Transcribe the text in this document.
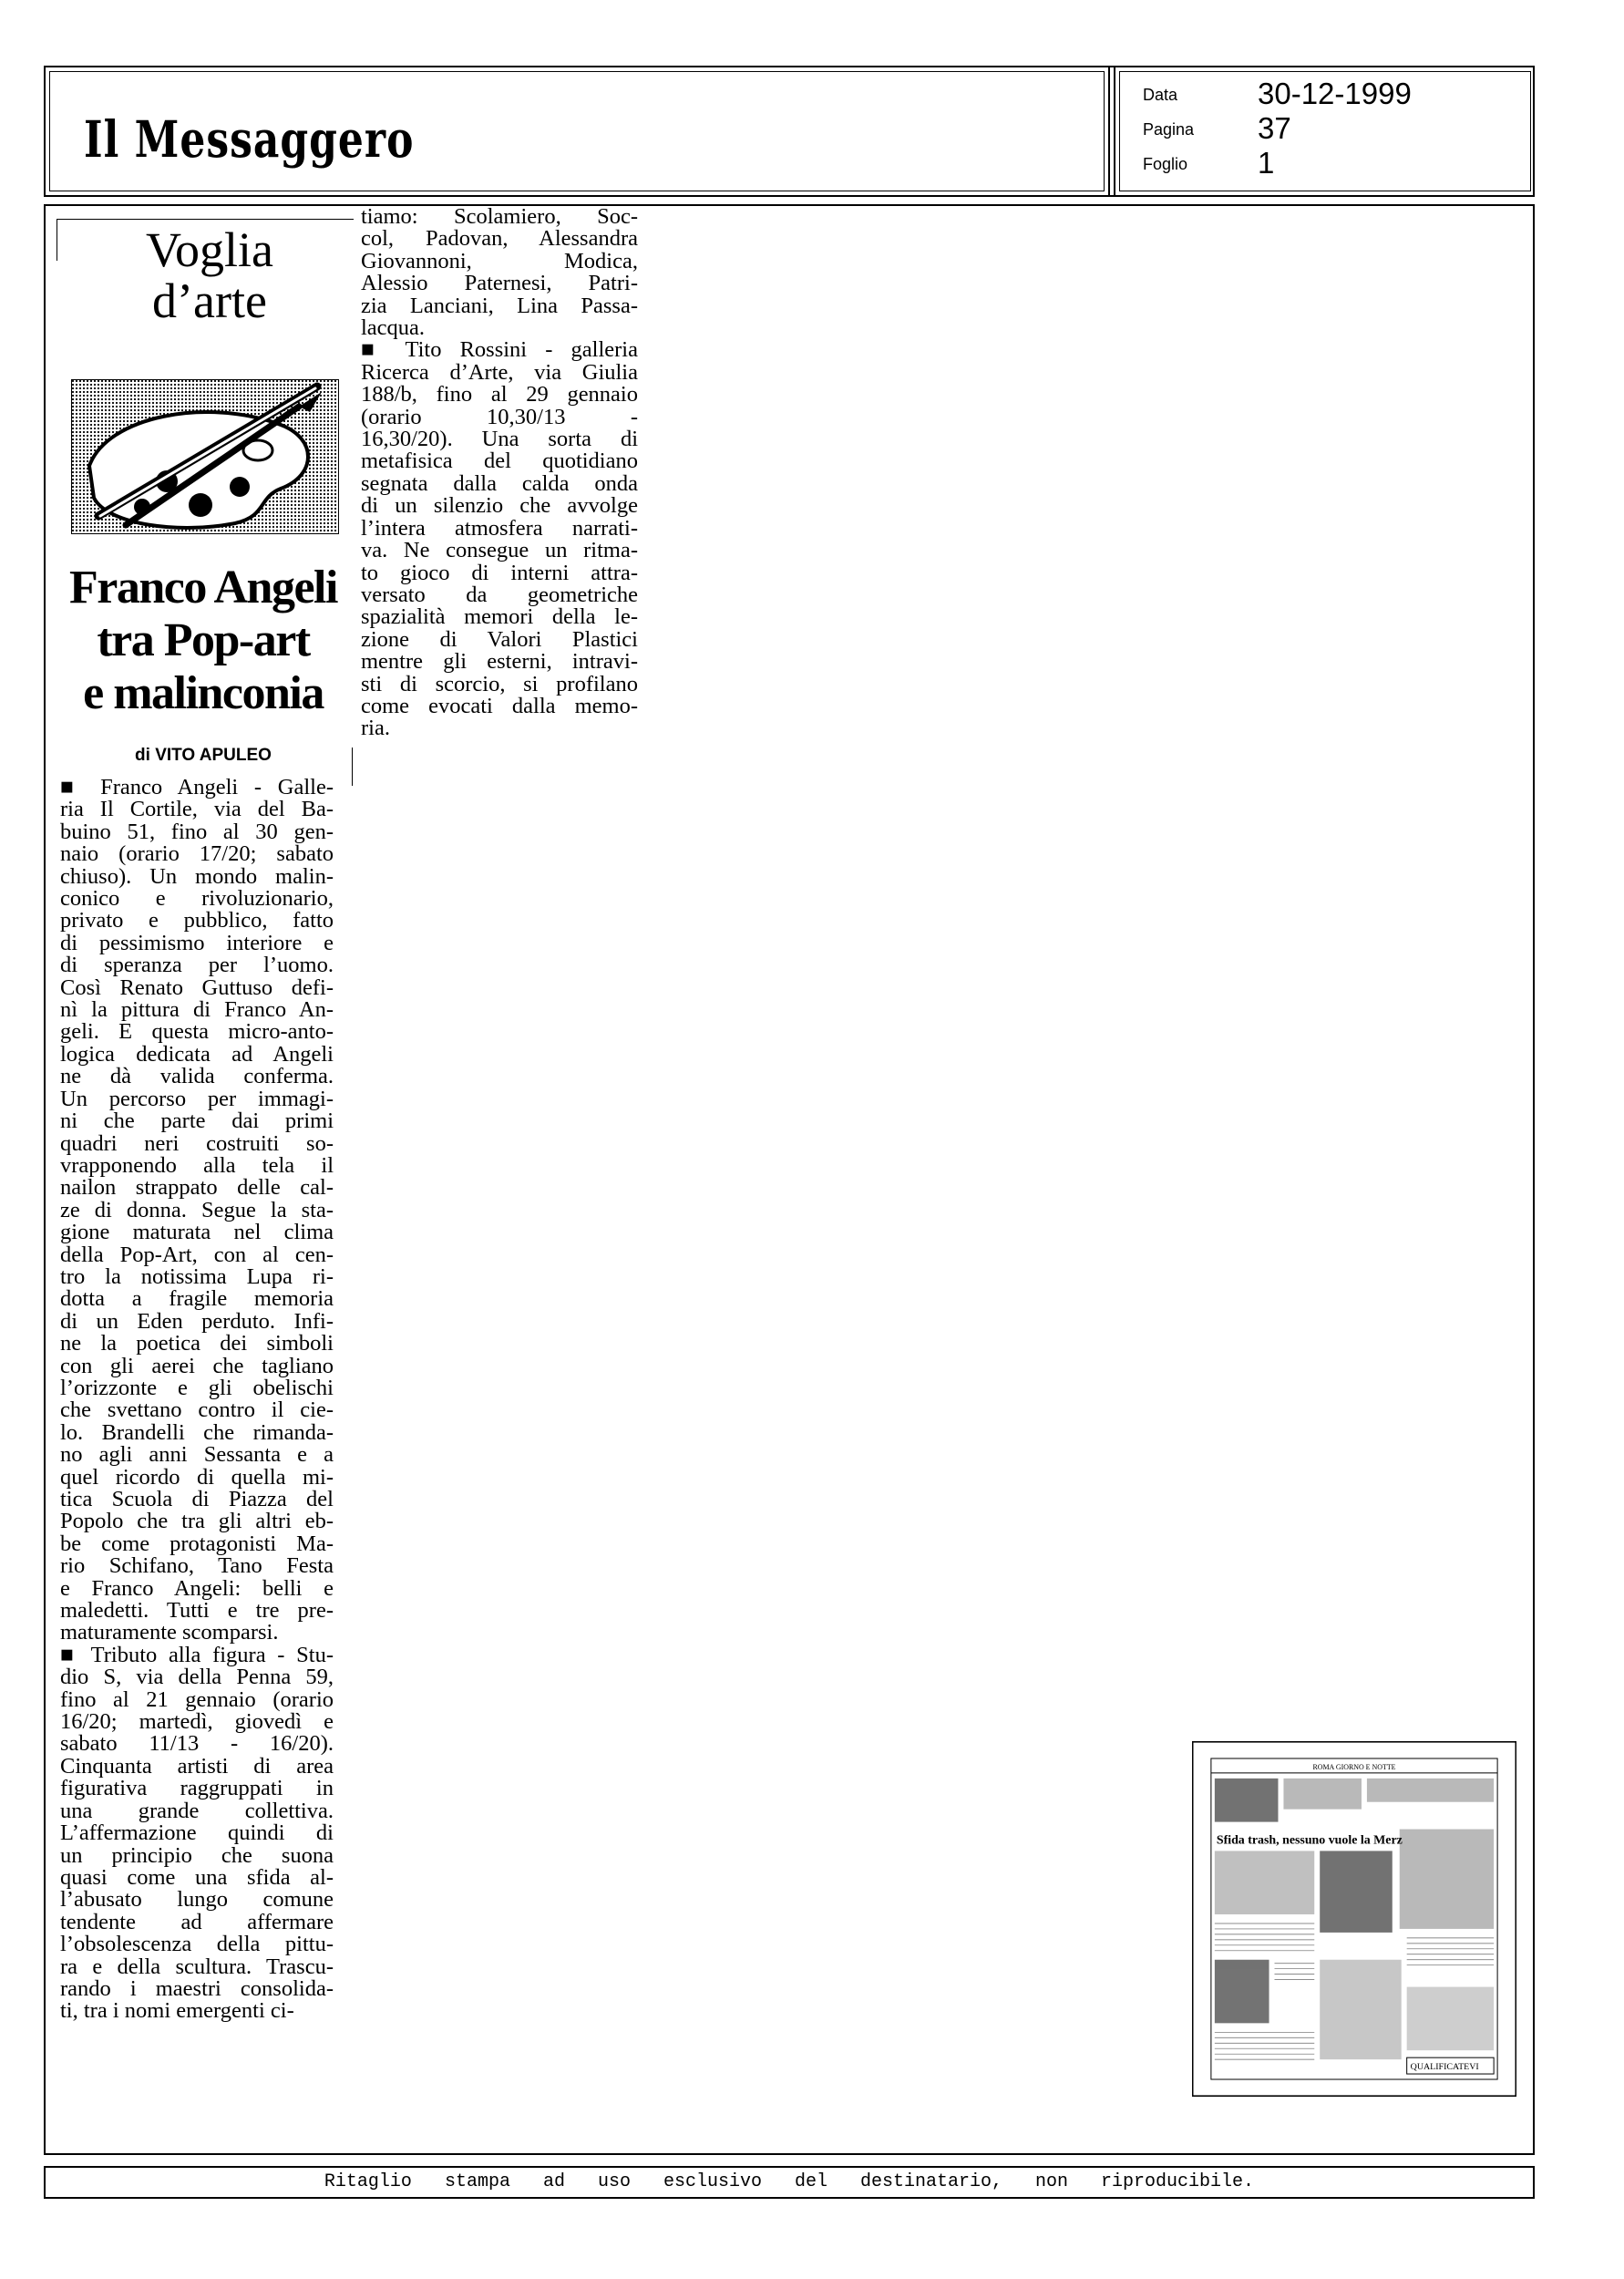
Il Messaggero
Data	30-12-1999
Pagina 37
Foglio 1
Voglia
d’arte
Franco Angeli
tra Pop-art
e malinconia
di VITO APULEO
■ Franco Angeli - Galle-
ria Il Cortile, via del Ba-
buino 51, fino al 30 gen-
naio (orario 17/20; sabato
chiuso). Un mondo malin-
conico e rivoluzionario,
privato e pubblico, fatto
di pessimismo interiore e
di speranza per l’uomo.
Così Renato Guttuso defi-
nì la pittura di Franco An-
geli. E questa micro-anto-
logica dedicata ad Angeli
ne dà valida conferma.
Un percorso per immagi-
ni che parte dai primi
quadri neri costruiti so-
vrapponendo alla tela il
nailon strappato delle cal-
ze di donna. Segue la sta-
gione maturata nel clima
della Pop-Art, con al cen-
tro la notissima Lupa ri-
dotta a fragile memoria
di un Eden perduto. Infi-
ne la poetica dei simboli
con gli aerei che tagliano
l’orizzonte e gli obelischi
che svettano contro il cie-
lo. Brandelli che rimanda-
no agli anni Sessanta e a
quel ricordo di quella mi-
tica Scuola di Piazza del
Popolo che tra gli altri eb-
be come protagonisti Ma-
rio Schifano, Tano Festa
e Franco Angeli: belli e
maledetti. Tutti e tre pre-
maturamente scomparsi.
■ Tributo alla figura - Stu-
dio S, via della Penna 59,
fino al 21 gennaio (orario
16/20; martedì, giovedì e
sabato 11/13 - 16/20).
Cinquanta artisti di area
figurativa raggruppati in
una grande collettiva.
L’affermazione quindi di
un principio che suona
quasi come una sfida al-
l’abusato lungo comune
tendente ad affermare
l’obsolescenza della pittu-
ra e della scultura. Trascu-
rando i maestri consolida-
ti, tra i nomi emergenti ci-
tiamo: Scolamiero, Soc-
col, Padovan, Alessandra
Giovannoni, Modica,
Alessio Paternesi, Patri-
zia Lanciani, Lina Passa-
lacqua.
■ Tito Rossini - galleria
Ricerca d’Arte, via Giulia
188/b, fino al 29 gennaio
(orario 10,30/13 -
16,30/20). Una sorta di
metafisica del quotidiano
segnata dalla calda onda
di un silenzio che avvolge
l’intera atmosfera narrati-
va. Ne consegue un ritma-
to gioco di interni attra-
versato da geometriche
spazialità memori della le-
zione di Valori Plastici
mentre gli esterni, intravi-
sti di scorcio, si profilano
come evocati dalla memo-
ria.
ROMA GIORNO E NOTTE
Sfida trash, nessuno vuole la Merz
QUALIFICATEVI
Ritaglio stampa ad uso esclusivo del destinatario, non riproducibile.
